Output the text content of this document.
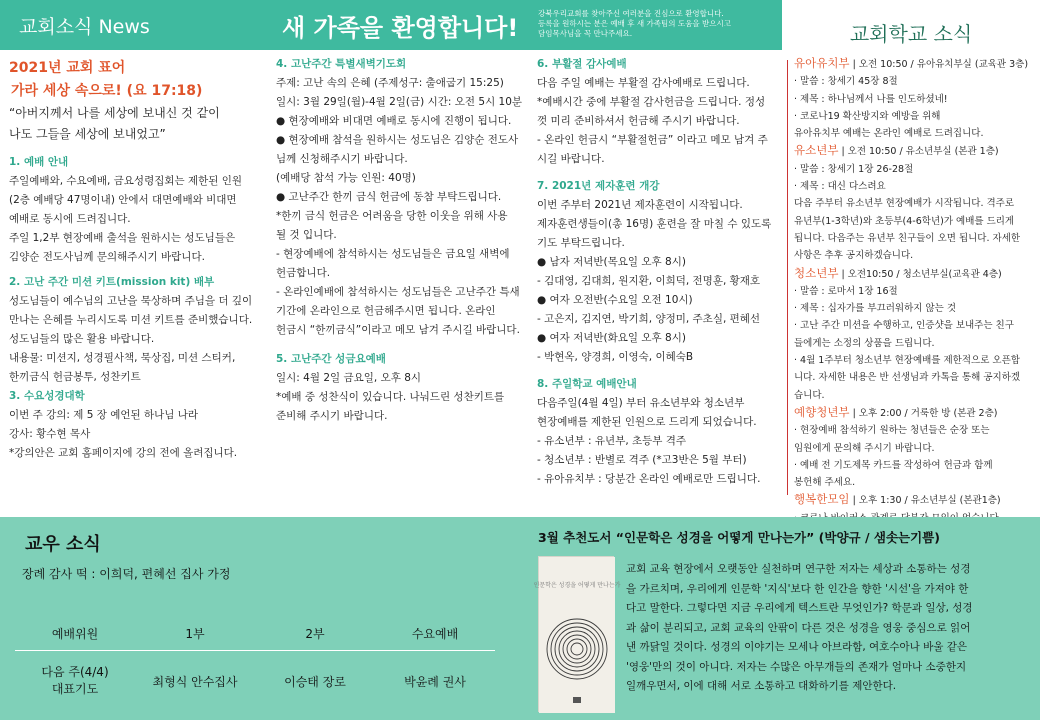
교회소식 News	새 가족을 환영합니다!
강북우리교회를 찾아주신 여러분을 진심으로 환영합니다.
등록을 원하시는 분은 예배 후 새 가족팀의 도움을 받으시고
담임목사님을 꼭 만나주세요.	교회학교 소식
2021년 교회 표어
가라 세상 속으로! (요 17:18)
“아버지께서 나를 세상에 보내신 것 같이
나도 그들을 세상에 보내었고”
1. 예배 안내
주일예배와, 수요예배, 금요성령집회는 제한된 인원
(2층 예배당 47명이내) 안에서 대면예배와 비대면
예배로 동시에 드려집니다.
주일 1,2부 현장예배 출석을 원하시는 성도님들은
김양순 전도사님께 문의해주시기 바랍니다.
2. 고난 주간 미션 키트(mission kit) 배부
성도님들이 예수님의 고난을 묵상하며 주님을 더 깊이
만나는 은혜를 누리시도록 미션 키트를 준비했습니다.
성도님들의 많은 활용 바랍니다.
내용물: 미션지, 성경필사책, 묵상집, 미션 스티커,
한끼금식 헌금봉투, 성찬키트
3. 수요성경대학
이번 주 강의: 제 5 장 예언된 하나님 나라
강사: 황수현 목사
*강의안은 교회 홈페이지에 강의 전에 올려집니다.
4. 고난주간 특별새벽기도회
주제: 고난 속의 은혜 (주제성구: 출애굽기 15:25)
일시: 3월 29일(월)-4월 2일(금) 시간: 오전 5시 10분
● 현장예배와 비대면 예배로 동시에 진행이 됩니다.
● 현장예배 참석을 원하시는 성도님은 김양순 전도사
님께 신청해주시기 바랍니다.
(예배당 참석 가능 인원: 40명)
● 고난주간 한끼 금식 헌금에 동참 부탁드립니다.
*한끼 금식 헌금은 어려움을 당한 이웃을 위해 사용
될 것 입니다.
- 현장예배에 참석하시는 성도님들은 금요일 새벽에
헌금합니다.
- 온라인예배에 참석하시는 성도님들은 고난주간 특새
기간에 온라인으로 헌금해주시면 됩니다. 온라인
헌금시 “한끼금식”이라고 메모 남겨 주시길 바랍니다.
5. 고난주간 성금요예배
일시: 4월 2일 금요일, 오후 8시
*예배 중 성찬식이 있습니다. 나눠드린 성찬키트를
준비해 주시기 바랍니다.
6. 부활절 감사예배
다음 주일 예배는 부활절 감사예배로 드립니다.
*예배시간 중에 부활절 감사헌금을 드립니다. 정성
껏 미리 준비하셔서 헌금해 주시기 바랍니다.
- 온라인 헌금시 “부활절헌금” 이라고 메모 남겨 주
시길 바랍니다.
7. 2021년 제자훈련 개강
이번 주부터 2021년 제자훈련이 시작됩니다.
제자훈련생들이(총 16명) 훈련을 잘 마칠 수 있도록
기도 부탁드립니다.
● 남자 저녁반(목요일 오후 8시)
- 김대영, 김대희, 원지환, 이희덕, 전명훈, 황재호
● 여자 오전반(수요일 오전 10시)
- 고은지, 김지연, 박기희, 양정미, 주초실, 편혜선
● 여자 저녁반(화요일 오후 8시)
- 박현옥, 양경희, 이영숙, 이혜숙B
8. 주일학교 예배안내
다음주일(4월 4일) 부터 유소년부와 청소년부
현장예배를 제한된 인원으로 드리게 되었습니다.
- 유소년부 : 유년부, 초등부 격주
- 청소년부 : 반별로 격주 (*고3반은 5월 부터)
- 유아유치부 : 당분간 온라인 예배로만 드립니다.
유아유치부 | 오전 10:50 / 유아유치부실 (교육관 3층)
· 말씀 : 창세기 45장 8절
· 제목 : 하나님께서 나를 인도하셨네!
· 코로나19 확산방지와 예방을 위해
유아유치부 예배는 온라인 예배로 드려집니다.
유소년부 | 오전 10:50 / 유소년부실 (본관 1층)
· 말씀 : 창세기 1장 26-28절
· 제목 : 대신 다스려요
다음 주부터 유소년부 현장예배가 시작됩니다. 격주로
유년부(1-3학년)와 초등부(4-6학년)가 예배를 드리게
됩니다. 다음주는 유년부 친구들이 오면 됩니다. 자세한
사항은 추후 공지하겠습니다.
청소년부 | 오전10:50 / 청소년부실(교육관 4층)
· 말씀 : 로마서 1장 16절
· 제목 : 십자가를 부끄러워하지 않는 것
· 고난 주간 미션을 수행하고, 인증샷을 보내주는 친구
들에게는 소정의 상품을 드립니다.
· 4월 1주부터 청소년부 현장예배를 제한적으로 오픈합
니다. 자세한 내용은 반 선생님과 카톡을 통해 공지하겠
습니다.
예향청년부 | 오후 2:00 / 거룩한 방 (본관 2층)
· 현장예배 참석하기 원하는 청년들은 순장 또는
임원에게 문의해 주시기 바랍니다.
· 예배 전 기도제목 카드를 작성하여 헌금과 함께
봉헌해 주세요.
행복한모임 | 오후 1:30 / 유소년부실 (본관1층)
교우 소식
장례 감사 떡 : 이희덕, 편혜선 집사 가정
예배위원	1부	2부	수요예배
다음 주(4/4)
대표기도
최형식 안수집사	이승태 장로	박윤례 권사
3월 추천도서 “인문학은 성경을 어떻게 만나는가” (박양규 / 샘솟는기쁨)
인문학은 성경을 어떻게 만나는가
교회 교육 현장에서 오랫동안 실천하며 연구한 저자는 세상과 소통하는 성경
을 가르치며, 우리에게 인문학 '지식'보다 한 인간을 향한 '시선'을 가져야 한
다고 말한다. 그렇다면 지금 우리에게 텍스트란 무엇인가? 학문과 일상, 성경
과 삶이 분리되고, 교회 교육의 안팎이 다른 것은 성경을 영웅 중심으로 읽어
낸 까닭일 것이다. 성경의 이야기는 모세나 아브라함, 여호수아나 바울 같은
'영웅'만의 것이 아니다. 저자는 수많은 아무개들의 존재가 얼마나 소중한지
일깨우면서, 이에 대해 서로 소통하고 대화하기를 제안한다.
